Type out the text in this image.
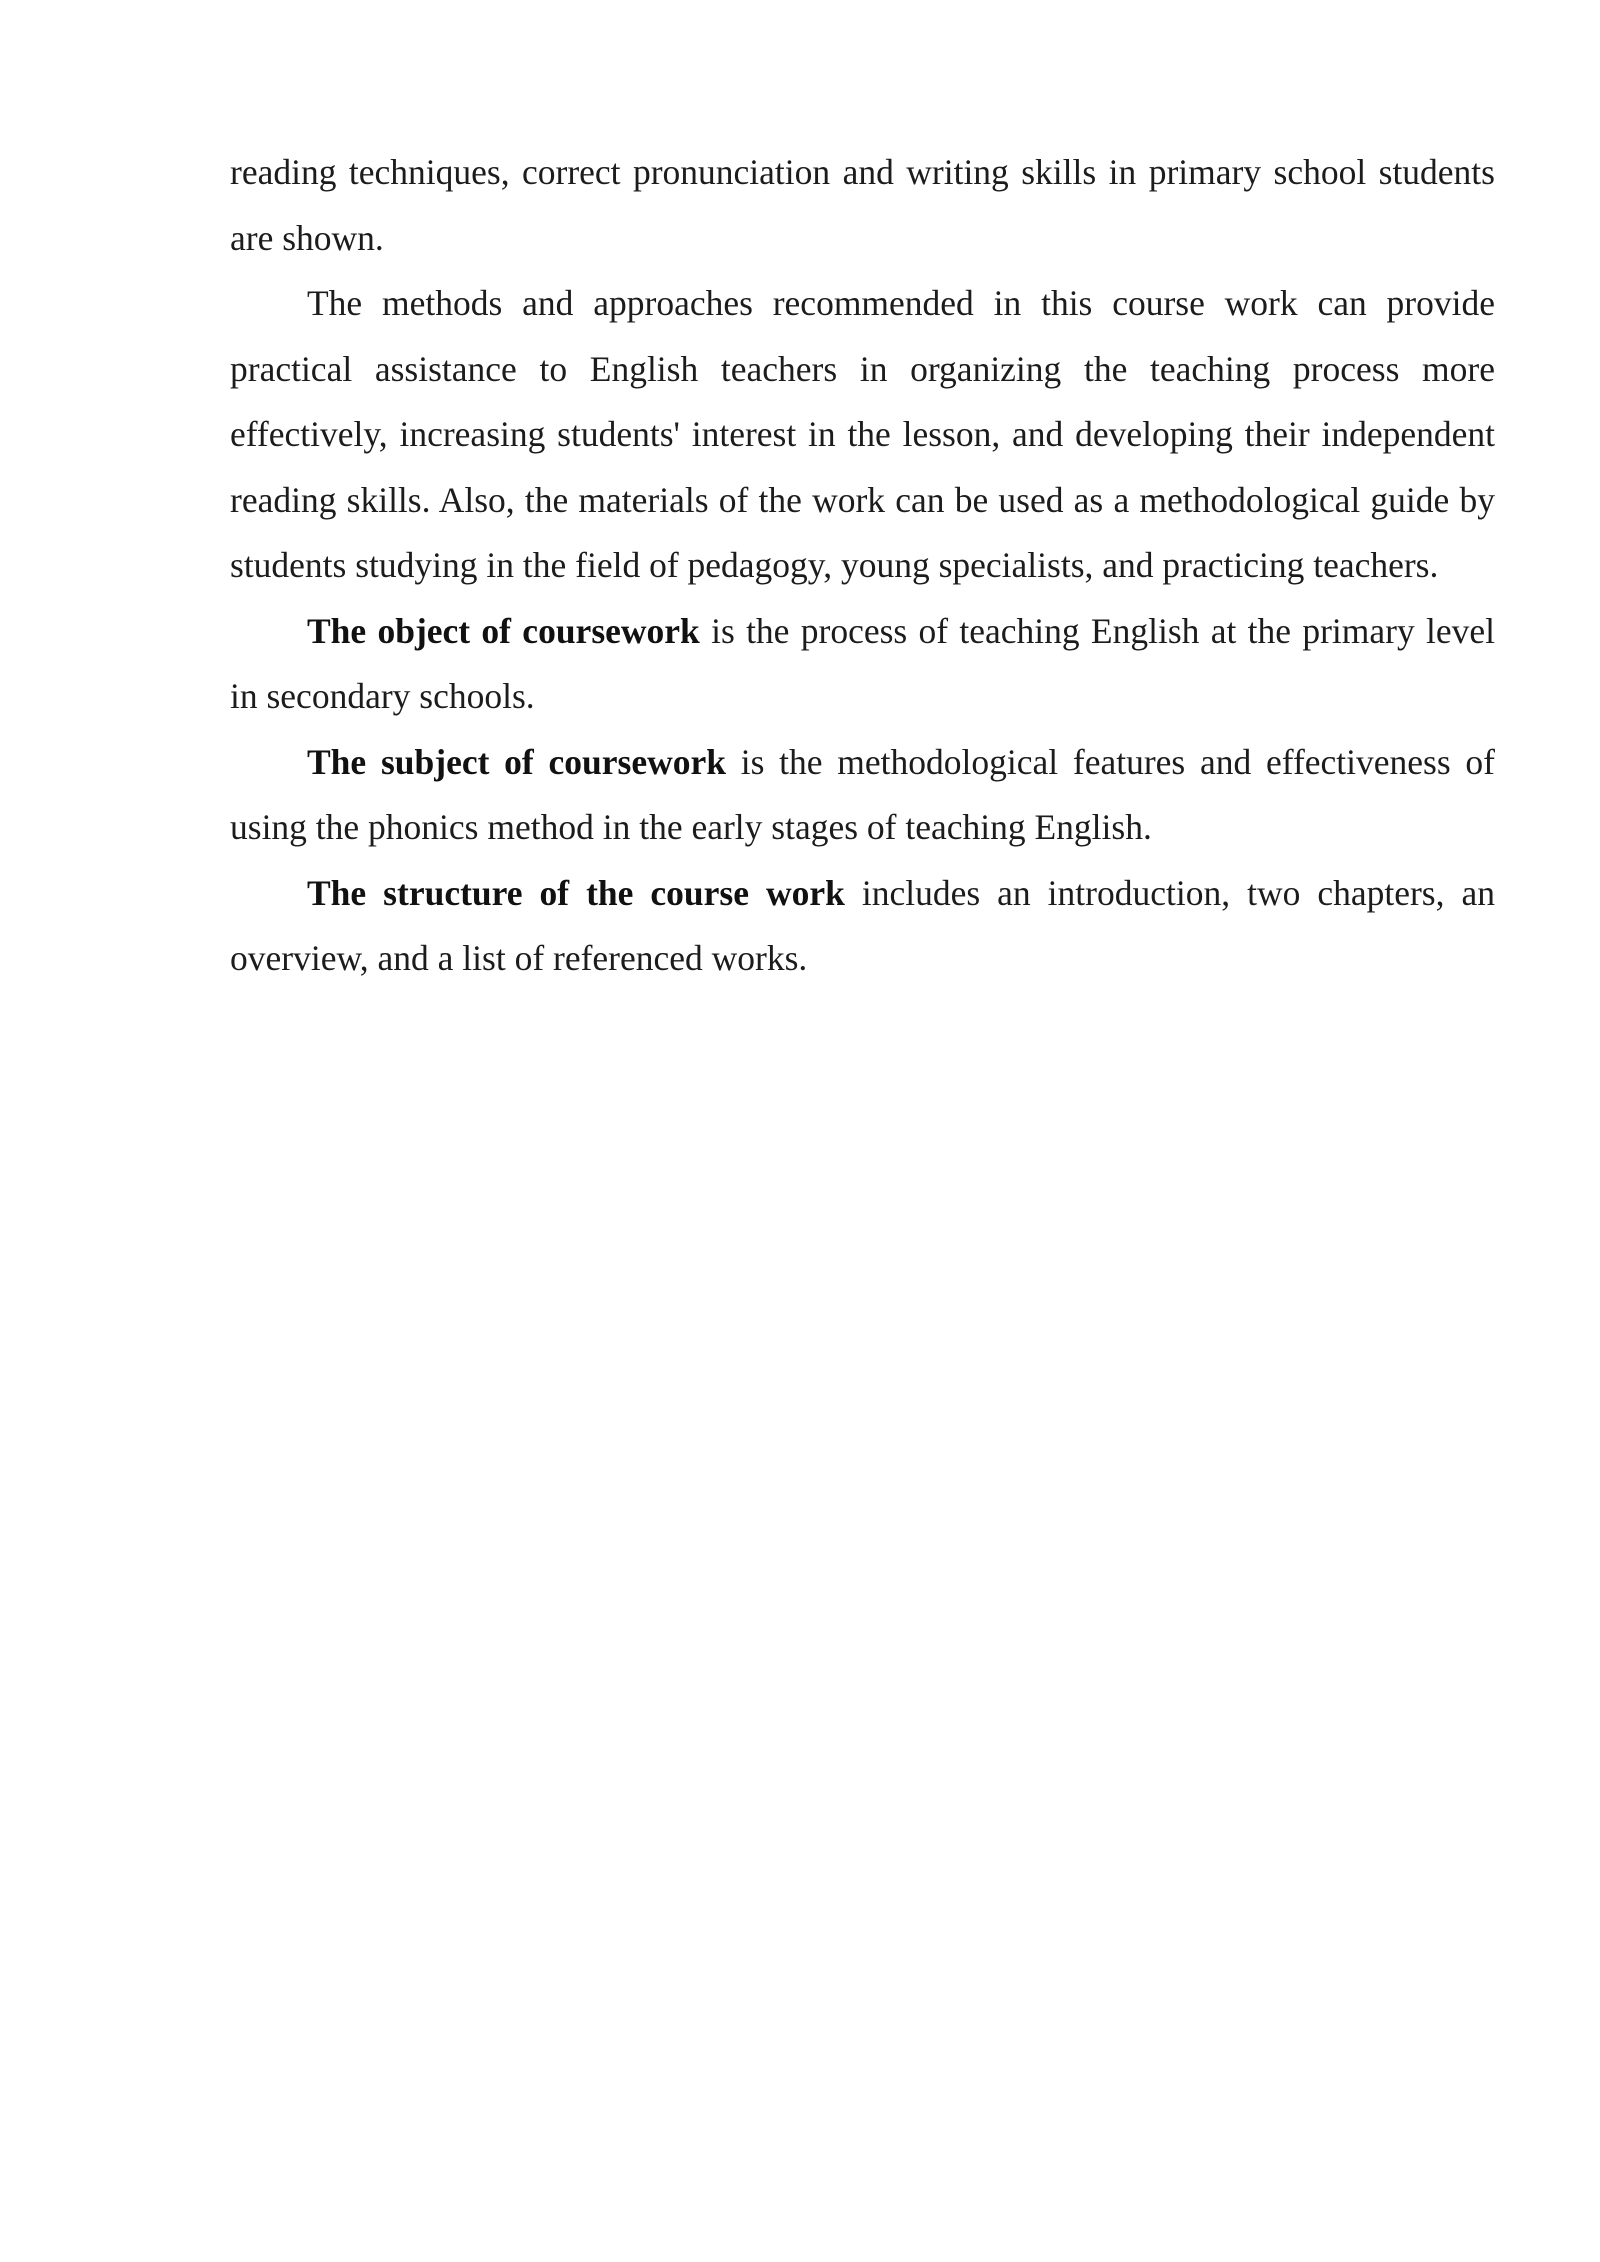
reading techniques, correct pronunciation and writing skills in primary school students are shown.

The methods and approaches recommended in this course work can provide practical assistance to English teachers in organizing the teaching process more effectively, increasing students' interest in the lesson, and developing their independent reading skills. Also, the materials of the work can be used as a methodological guide by students studying in the field of pedagogy, young specialists, and practicing teachers.

The object of coursework is the process of teaching English at the primary level in secondary schools.

The subject of coursework is the methodological features and effectiveness of using the phonics method in the early stages of teaching English.

The structure of the course work includes an introduction, two chapters, an overview, and a list of referenced works.
